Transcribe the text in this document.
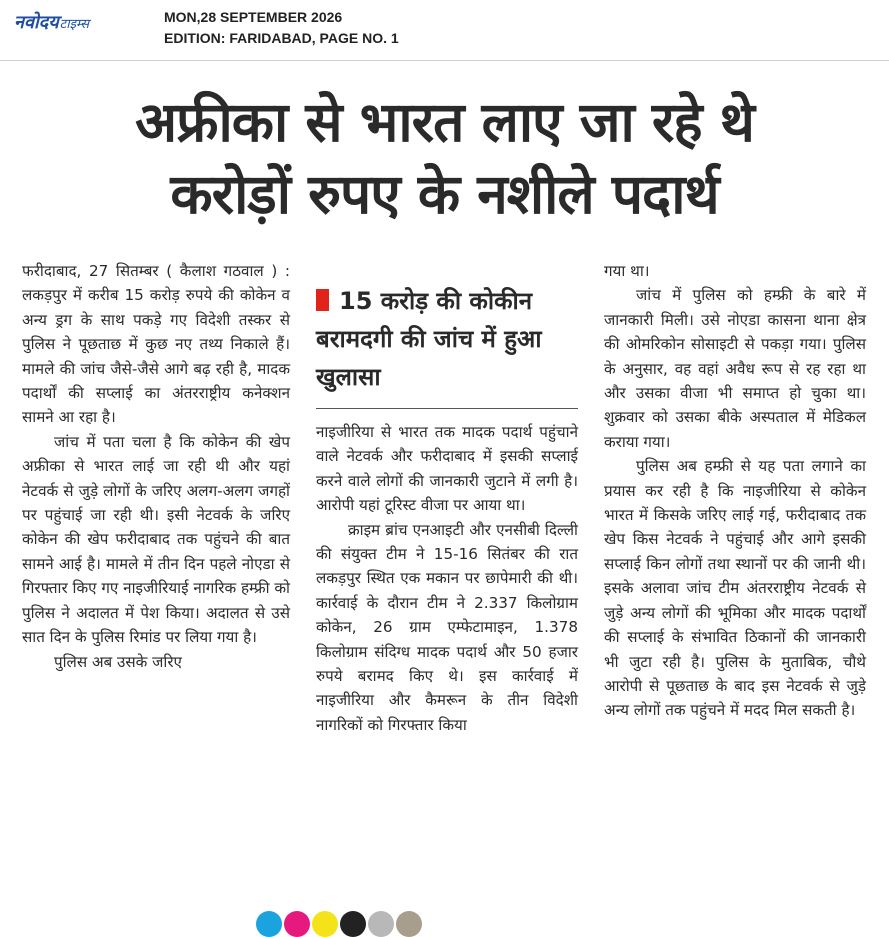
नवोदयटाइम्स	MON,28 SEPTEMBER 2026
EDITION: FARIDABAD, PAGE NO. 1
अफ्रीका से भारत लाए जा रहे थे
करोड़ों रुपए के नशीले पदार्थ

फरीदाबाद, 27 सितम्बर ( कैलाश गठवाल ) : लकड़पुर में करीब 15 करोड़ रुपये की कोकेन व अन्य ड्रग के साथ पकड़े गए विदेशी तस्कर से पुलिस ने पूछताछ में कुछ नए तथ्य निकाले हैं। मामले की जांच जैसे-जैसे आगे बढ़ रही है, मादक पदार्थों की सप्लाई का अंतरराष्ट्रीय कनेक्शन सामने आ रहा है।

जांच में पता चला है कि कोकेन की खेप अफ्रीका से भारत लाई जा रही थी और यहां नेटवर्क से जुड़े लोगों के जरिए अलग-अलग जगहों पर पहुंचाई जा रही थी। इसी नेटवर्क के जरिए कोकेन की खेप फरीदाबाद तक पहुंचने की बात सामने आई है। मामले में तीन दिन पहले नोएडा से गिरफ्तार किए गए नाइजीरियाई नागरिक हम्फ्री को पुलिस ने अदालत में पेश किया। अदालत से उसे सात दिन के पुलिस रिमांड पर लिया गया है।

पुलिस अब उसके जरिए

15 करोड़ की कोकीन बरामदगी की जांच में हुआ खुलासा

नाइजीरिया से भारत तक मादक पदार्थ पहुंचाने वाले नेटवर्क और फरीदाबाद में इसकी सप्लाई करने वाले लोगों की जानकारी जुटाने में लगी है। आरोपी यहां टूरिस्ट वीजा पर आया था।

क्राइम ब्रांच एनआइटी और एनसीबी दिल्ली की संयुक्त टीम ने 15-16 सितंबर की रात लकड़पुर स्थित एक मकान पर छापेमारी की थी। कार्रवाई के दौरान टीम ने 2.337 किलोग्राम कोकेन, 26 ग्राम एम्फेटामाइन, 1.378 किलोग्राम संदिग्ध मादक पदार्थ और 50 हजार रुपये बरामद किए थे। इस कार्रवाई में नाइजीरिया और कैमरून के तीन विदेशी नागरिकों को गिरफ्तार किया

गया था।

जांच में पुलिस को हम्फ्री के बारे में जानकारी मिली। उसे नोएडा कासना थाना क्षेत्र की ओमरिकोन सोसाइटी से पकड़ा गया। पुलिस के अनुसार, वह वहां अवैध रूप से रह रहा था और उसका वीजा भी समाप्त हो चुका था। शुक्रवार को उसका बीके अस्पताल में मेडिकल कराया गया।

पुलिस अब हम्फ्री से यह पता लगाने का प्रयास कर रही है कि नाइजीरिया से कोकेन भारत में किसके जरिए लाई गई, फरीदाबाद तक खेप किस नेटवर्क ने पहुंचाई और आगे इसकी सप्लाई किन लोगों तथा स्थानों पर की जानी थी। इसके अलावा जांच टीम अंतरराष्ट्रीय नेटवर्क से जुड़े अन्य लोगों की भूमिका और मादक पदार्थों की सप्लाई के संभावित ठिकानों की जानकारी भी जुटा रही है। पुलिस के मुताबिक, चौथे आरोपी से पूछताछ के बाद इस नेटवर्क से जुड़े अन्य लोगों तक पहुंचने में मदद मिल सकती है।
